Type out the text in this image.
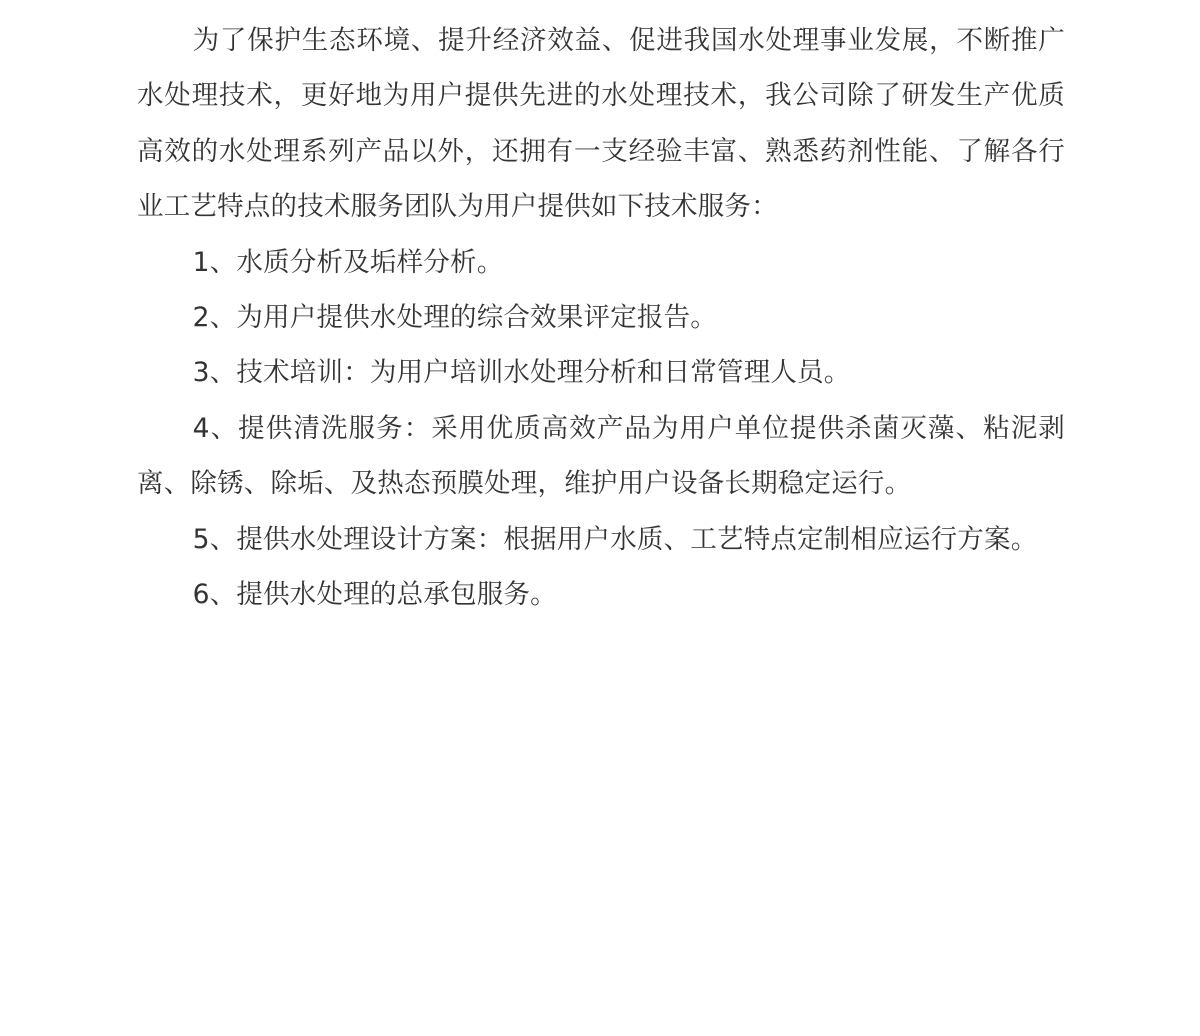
为了保护生态环境、提升经济效益、促进我国水处理事业发展，不断推广水处理技术，更好地为用户提供先进的水处理技术，我公司除了研发生产优质高效的水处理系列产品以外，还拥有一支经验丰富、熟悉药剂性能、了解各行业工艺特点的技术服务团队为用户提供如下技术服务：

1、水质分析及垢样分析。

2、为用户提供水处理的综合效果评定报告。

3、技术培训：为用户培训水处理分析和日常管理人员。

4、提供清洗服务：采用优质高效产品为用户单位提供杀菌灭藻、粘泥剥离、除锈、除垢、及热态预膜处理，维护用户设备长期稳定运行。

5、提供水处理设计方案：根据用户水质、工艺特点定制相应运行方案。

6、提供水处理的总承包服务。
